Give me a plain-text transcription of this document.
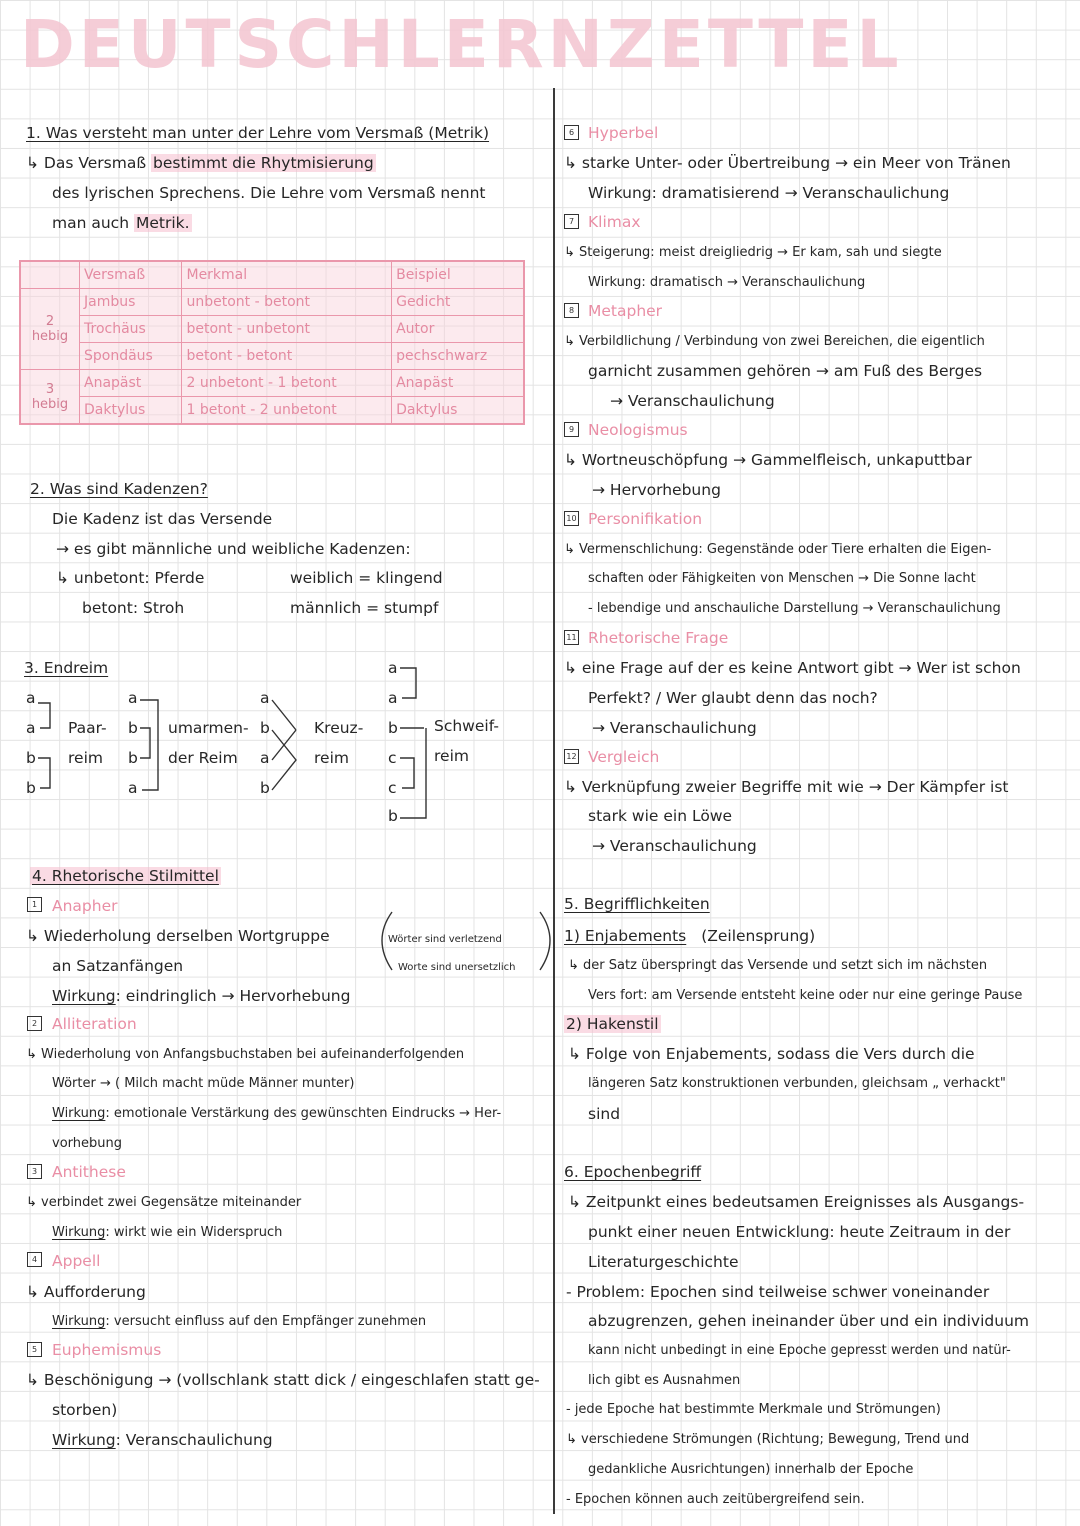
DEUTSCHLERNZETTEL
1. Was versteht man unter der Lehre vom Versmaß (Metrik)
↳ Das Versmaß bestimmt die Rhytmisierung
des lyrischen Sprechens. Die Lehre vom Versmaß nennt
man auch Metrik.
	Versmaß	Merkmal	Beispiel

2
hebig	Jambus	unbetont - betont	Gedicht
	Trochäus	betont - unbetont	Autor
	Spondäus	betont - betont	pechschwarz

3
hebig	Anapäst	2 unbetont - 1 betont	Anapäst
	Daktylus	1 betont - 2 unbetont	Daktylus
2. Was sind Kadenzen?
Die Kadenz ist das Versende
→ es gibt männliche und weibliche Kadenzen:
↳ unbetont: Pferde	weiblich = klingend
betont: Stroh	männlich = stumpf
3. Endreim
a
a
b
b
Paar-
reim
a
b
b
a
umarmen-
der Reim
a
b
a
b
Kreuz-
reim
a
a
b
c
c
b
Schweif-
reim
4. Rhetorische Stilmittel
Wörter sind verletzend
Worte sind unersetzlich
1 Anapher
↳ Wiederholung derselben Wortgruppe
an Satzanfängen
Wirkung: eindringlich → Hervorhebung
2 Alliteration
↳ Wiederholung von Anfangsbuchstaben bei aufeinanderfolgenden
Wörter → ( Milch macht müde Männer munter)
Wirkung: emotionale Verstärkung des gewünschten Eindrucks → Her-
vorhebung
3 Antithese
↳ verbindet zwei Gegensätze miteinander
Wirkung: wirkt wie ein Widerspruch
4 Appell
↳ Aufforderung
Wirkung: versucht einfluss auf den Empfänger zunehmen
5 Euphemismus
↳ Beschönigung → (vollschlank statt dick / eingeschlafen statt ge-
storben)
Wirkung: Veranschaulichung
6 Hyperbel
↳ starke Unter- oder Übertreibung → ein Meer von Tränen
Wirkung: dramatisierend → Veranschaulichung
7 Klimax
↳ Steigerung: meist dreigliedrig → Er kam, sah und siegte
Wirkung: dramatisch → Veranschaulichung
8 Metapher
↳ Verbildlichung / Verbindung von zwei Bereichen, die eigentlich
garnicht zusammen gehören → am Fuß des Berges
→ Veranschaulichung
9 Neologismus
↳ Wortneuschöpfung → Gammelfleisch, unkaputtbar
→ Hervorhebung
10 Personifikation
↳ Vermenschlichung: Gegenstände oder Tiere erhalten die Eigen-
schaften oder Fähigkeiten von Menschen → Die Sonne lacht
- lebendige und anschauliche Darstellung → Veranschaulichung
11 Rhetorische Frage
↳ eine Frage auf der es keine Antwort gibt → Wer ist schon
Perfekt? / Wer glaubt denn das noch?
→ Veranschaulichung
12 Vergleich
↳ Verknüpfung zweier Begriffe mit wie → Der Kämpfer ist
stark wie ein Löwe
→ Veranschaulichung
5. Begrifflichkeiten
1) Enjabements (Zeilensprung)
↳ der Satz überspringt das Versende und setzt sich im nächsten
Vers fort: am Versende entsteht keine oder nur eine geringe Pause
2) Hakenstil
↳ Folge von Enjabements, sodass die Vers durch die
längeren Satz konstruktionen verbunden, gleichsam „ verhackt"
sind
6. Epochenbegriff
↳ Zeitpunkt eines bedeutsamen Ereignisses als Ausgangs-
punkt einer neuen Entwicklung: heute Zeitraum in der
Literaturgeschichte
- Problem: Epochen sind teilweise schwer voneinander
abzugrenzen, gehen ineinander über und ein individuum
kann nicht unbedingt in eine Epoche gepresst werden und natür-
lich gibt es Ausnahmen
- jede Epoche hat bestimmte Merkmale und Strömungen)
↳ verschiedene Strömungen (Richtung; Bewegung, Trend und
gedankliche Ausrichtungen) innerhalb der Epoche
- Epochen können auch zeitübergreifend sein.
